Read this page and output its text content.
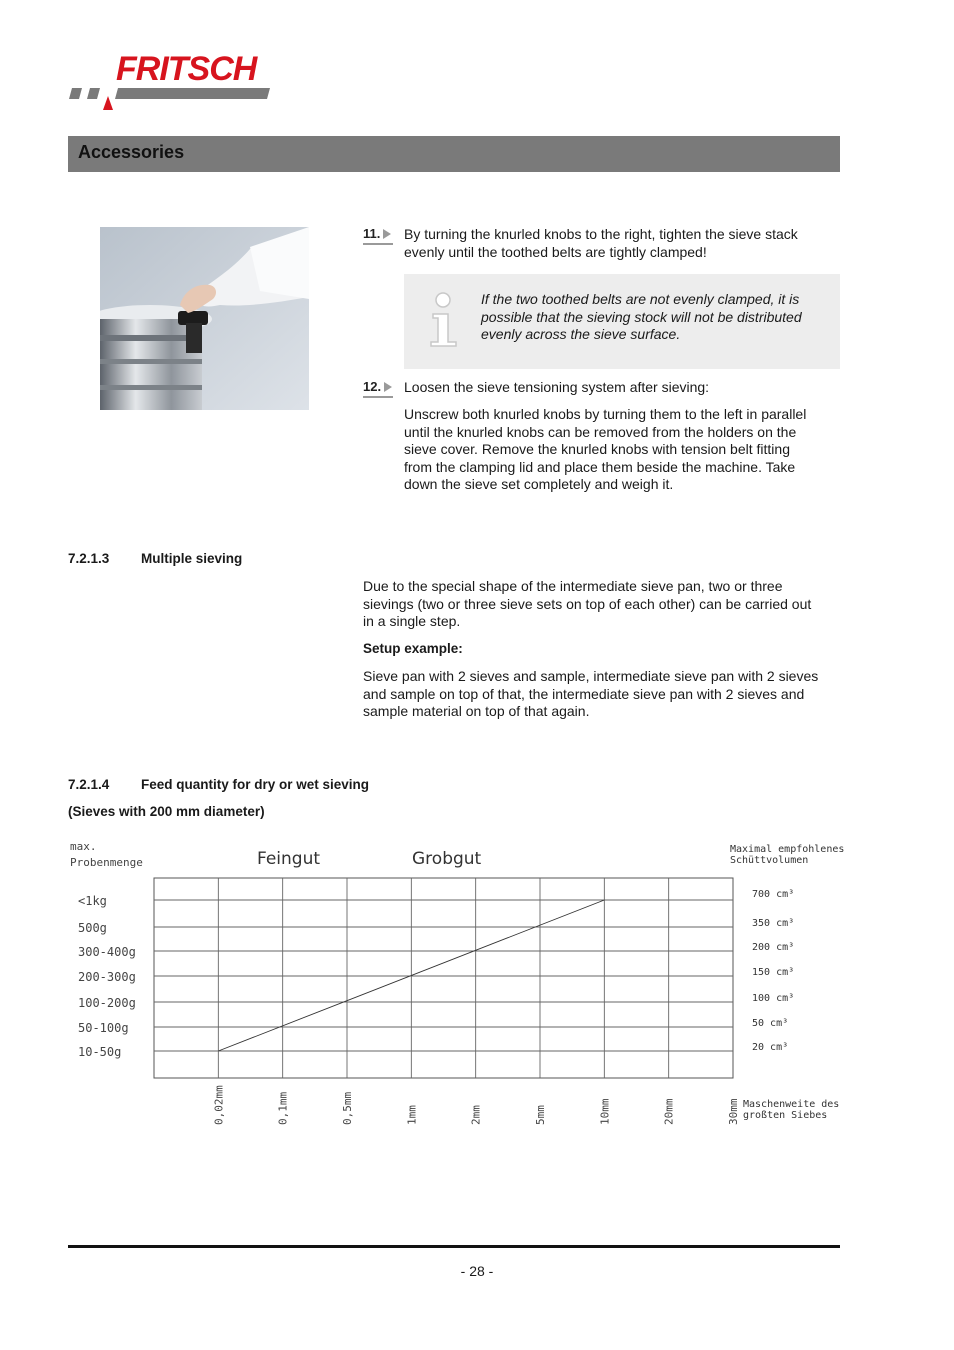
FRITSCH
Accessories
11.	By turning the knurled knobs to the right, tighten the sieve stack
evenly until the toothed belts are tightly clamped!
If the two toothed belts are not evenly clamped, it is
possible that the sieving stock will not be distributed
evenly across the sieve surface.
12.	Loosen the sieve tensioning system after sieving:
Unscrew both knurled knobs by turning them to the left in parallel
until the knurled knobs can be removed from the holders on the
sieve cover. Remove the knurled knobs with tension belt fitting
from the clamping lid and place them beside the machine. Take
down the sieve set completely and weigh it.
7.2.1.3 Multiple sieving
Due to the special shape of the intermediate sieve pan, two or three
sievings (two or three sieve sets on top of each other) can be carried out
in a single step.
Setup example:
Sieve pan with 2 sieves and sample, intermediate sieve pan with 2 sieves
and sample on top of that, the intermediate sieve pan with 2 sieves and
sample material on top of that again.
7.2.1.4 Feed quantity for dry or wet sieving
(Sieves with 200 mm diameter)
<1kg
500g
300-400g
200-300g
100-200g
50-100g
10-50g
700 cm³
350 cm³
200 cm³
150 cm³
100 cm³
50 cm³
20 cm³
0,02mm	0,1mm	0,5mm	1mm	2mm	5mm	10mm	20mm	30mm
max.
Probenmenge	Feingut	Grobgut	Maximal empfohlenes
Schüttvolumen
Maschenweite des
großten Siebes
- 28 -
